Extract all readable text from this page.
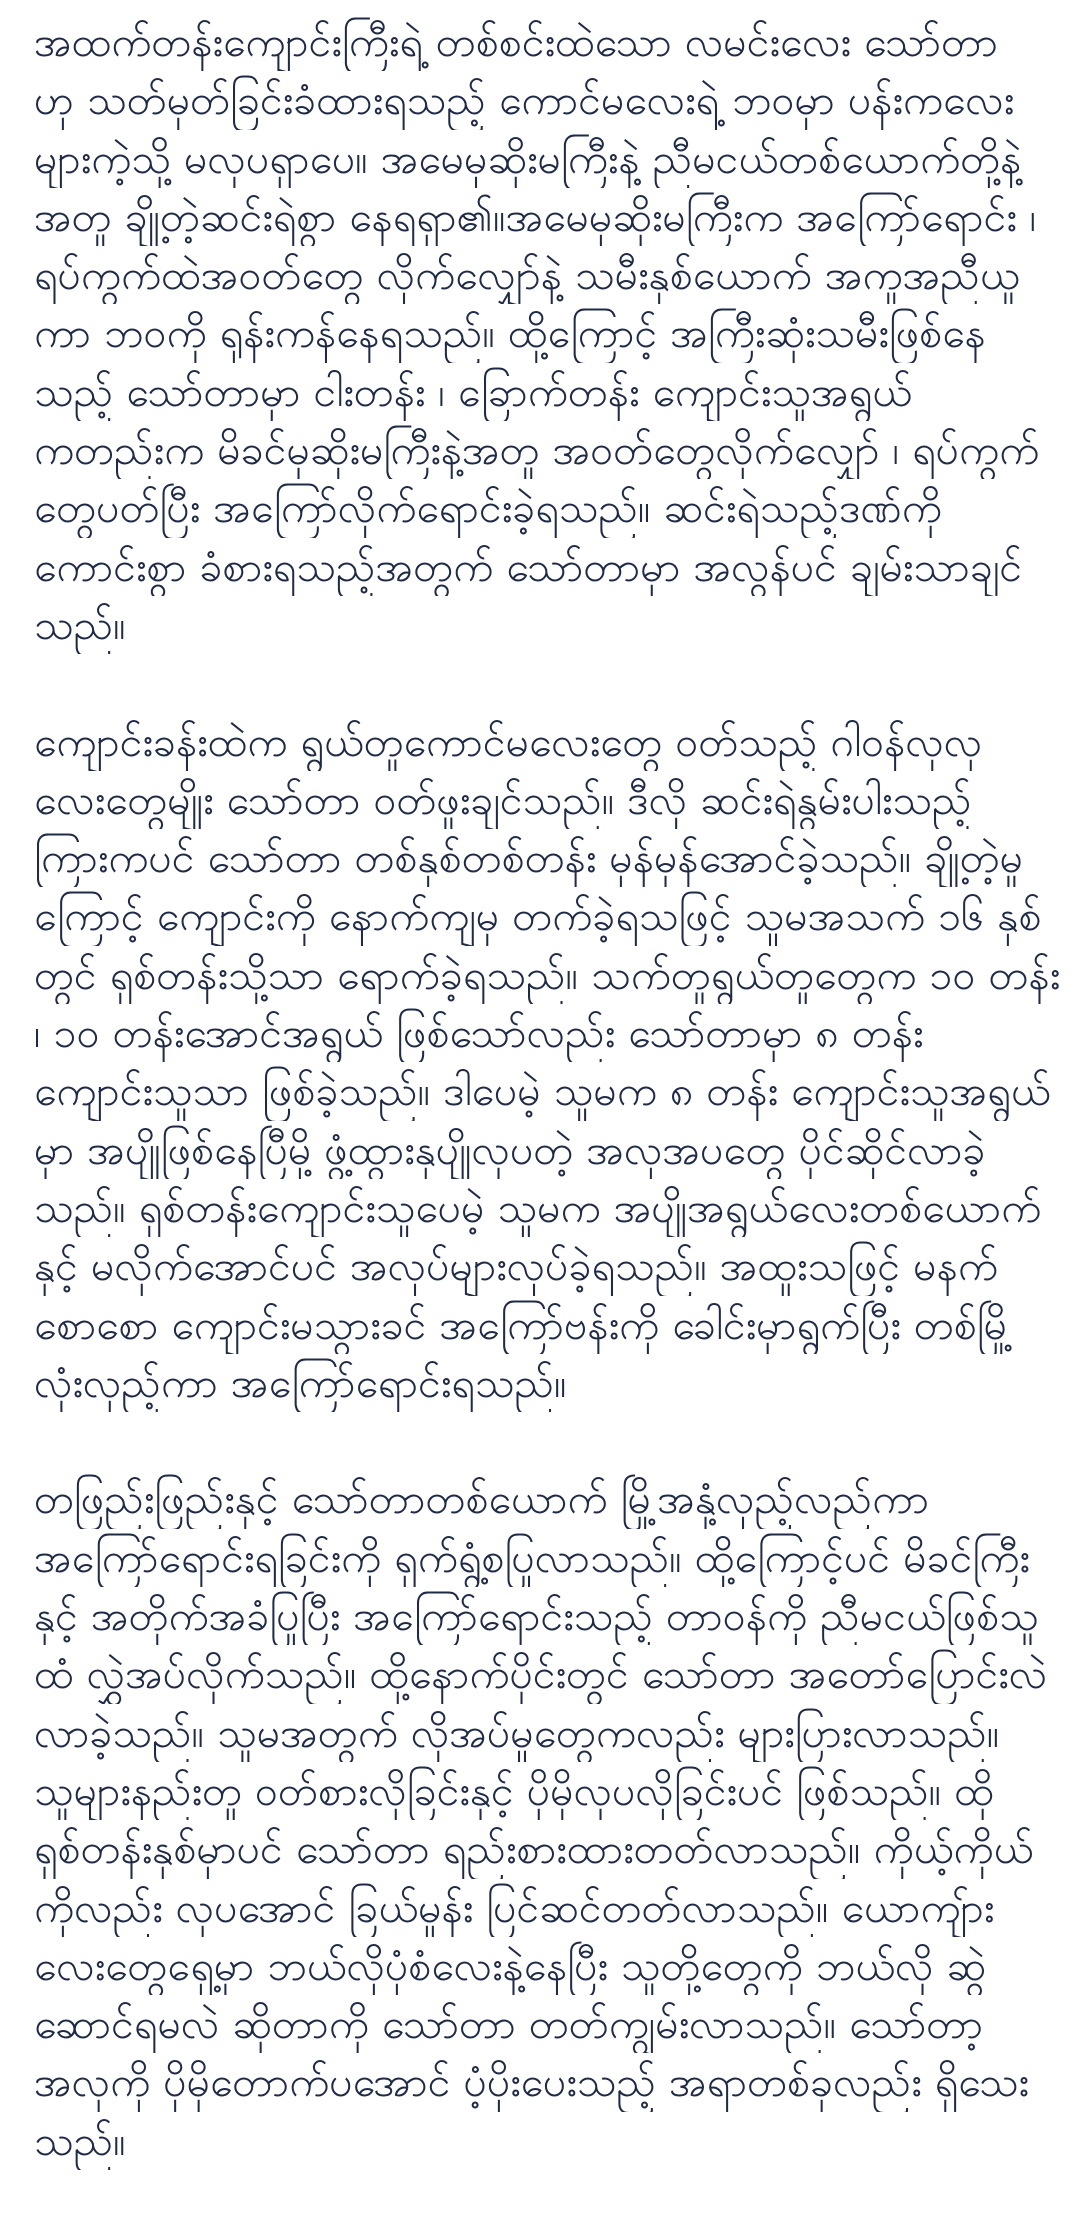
အထက်တန်းကျောင်းကြီးရဲ့ တစ်စင်းထဲသော လမင်းလေး သော်တာ
ဟု သတ်မှတ်ခြင်းခံထားရသည့် ကောင်မလေးရဲ့ ဘဝမှာ ပန်းကလေး
များကဲ့သို့ မလှပရှာပေ။ အမေမုဆိုးမကြီးနဲ့ ညီမငယ်တစ်ယောက်တို့နဲ့
အတူ ချို့တဲ့ဆင်းရဲစွာ နေရရှာ၏။အမေမုဆိုးမကြီးက အကြော်ရောင်း ၊
ရပ်ကွက်ထဲအဝတ်တွေ လိုက်လျှော်နဲ့ သမီးနှစ်ယောက် အကူအညီယူ
ကာ ဘဝကို ရုန်းကန်နေရသည်။ ထို့ကြောင့် အကြီးဆုံးသမီးဖြစ်နေ
သည့် သော်တာမှာ ငါးတန်း ၊ ခြောက်တန်း ကျောင်းသူအရွယ်
ကတည်းက မိခင်မုဆိုးမကြီးနဲ့အတူ အဝတ်တွေလိုက်လျှော် ၊ ရပ်ကွက်
တွေပတ်ပြီး အကြော်လိုက်ရောင်းခဲ့ရသည်။ ဆင်းရဲသည့်ဒဏ်ကို
ကောင်းစွာ ခံစားရသည့်အတွက် သော်တာမှာ အလွန်ပင် ချမ်းသာချင်
သည်။
ကျောင်းခန်းထဲက ရွယ်တူကောင်မလေးတွေ ဝတ်သည့် ဂါဝန်လှလှ
လေးတွေမျိုး သော်တာ ဝတ်ဖူးချင်သည်။ ဒီလို ဆင်းရဲနွမ်းပါးသည့်
ကြားကပင် သော်တာ တစ်နှစ်တစ်တန်း မှန်မှန်အောင်ခဲ့သည်။ ချို့တဲ့မှု
ကြောင့် ကျောင်းကို နောက်ကျမှ တက်ခဲ့ရသဖြင့် သူမအသက် ၁၆ နှစ်
တွင် ရှစ်တန်းသို့သာ ရောက်ခဲ့ရသည်။ သက်တူရွယ်တူတွေက ၁၀ တန်း
၊ ၁၀ တန်းအောင်အရွယ် ဖြစ်သော်လည်း သော်တာမှာ ၈ တန်း
ကျောင်းသူသာ ဖြစ်ခဲ့သည်။ ဒါပေမဲ့ သူမက ၈ တန်း ကျောင်းသူအရွယ်
မှာ အပျိုဖြစ်နေပြီမို့ ဖွံ့ထွားနုပျိုလှပတဲ့ အလှအပတွေ ပိုင်ဆိုင်လာခဲ့
သည်။ ရှစ်တန်းကျောင်းသူပေမဲ့ သူမက အပျိုအရွယ်လေးတစ်ယောက်
နှင့် မလိုက်အောင်ပင် အလုပ်များလုပ်ခဲ့ရသည်။ အထူးသဖြင့် မနက်
စောစော ကျောင်းမသွားခင် အကြော်ဗန်းကို ခေါင်းမှာရွက်ပြီး တစ်မြို့
လုံးလှည့်ကာ အကြော်ရောင်းရသည်။
တဖြည်းဖြည်းနှင့် သော်တာတစ်ယောက် မြို့အနှံ့လှည့်လည်ကာ
အကြော်ရောင်းရခြင်းကို ရှက်ရွံ့စပြုလာသည်။ ထို့ကြောင့်ပင် မိခင်ကြီး
နှင့် အတိုက်အခံပြုပြီး အကြော်ရောင်းသည့် တာဝန်ကို ညီမငယ်ဖြစ်သူ
ထံ လွှဲအပ်လိုက်သည်။ ထို့နောက်ပိုင်းတွင် သော်တာ အတော်ပြောင်းလဲ
လာခဲ့သည်။ သူမအတွက် လိုအပ်မှုတွေကလည်း များပြားလာသည်။
သူများနည်းတူ ဝတ်စားလိုခြင်းနှင့် ပိုမိုလှပလိုခြင်းပင် ဖြစ်သည်။ ထို
ရှစ်တန်းနှစ်မှာပင် သော်တာ ရည်းစားထားတတ်လာသည်။ ကိုယ့်ကိုယ်
ကိုလည်း လှပအောင် ခြယ်မှုန်း ပြင်ဆင်တတ်လာသည်။ ယောကျ်ား
လေးတွေရှေ့မှာ ဘယ်လိုပုံစံလေးနဲ့နေပြီး သူတို့တွေကို ဘယ်လို ဆွဲ
ဆောင်ရမလဲ ဆိုတာကို သော်တာ တတ်ကျွမ်းလာသည်။ သော်တာ့
အလှကို ပိုမိုတောက်ပအောင် ပံ့ပိုးပေးသည့် အရာတစ်ခုလည်း ရှိသေး
သည်။
